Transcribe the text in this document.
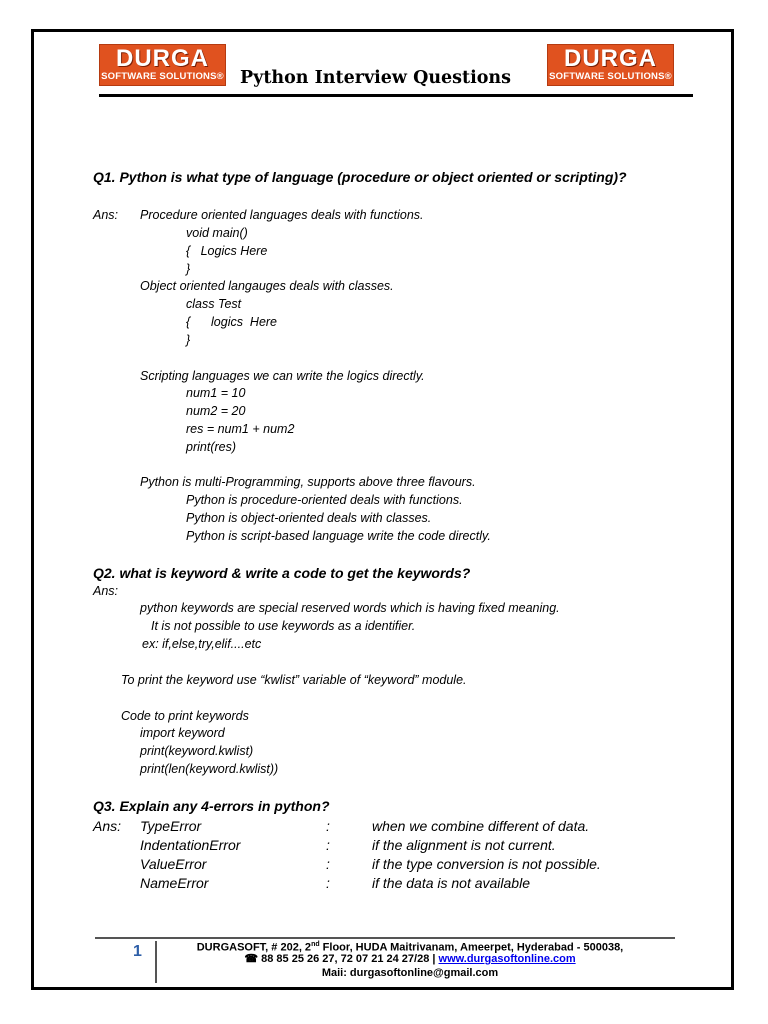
DURGA
SOFTWARE SOLUTIONS®
DURGA
SOFTWARE SOLUTIONS®
Python Interview Questions
Q1. Python is what type of language (procedure or object oriented or scripting)?
Ans: Procedure oriented languages deals with functions.
void main()
{   Logics Here
}
Object oriented langauges deals with classes.
class Test
{      logics  Here
}
Scripting languages we can write the logics directly.
num1 = 10
num2 = 20
res = num1 + num2
print(res)
Python is multi-Programming, supports above three flavours.
Python is procedure-oriented deals with functions.
Python is object-oriented deals with classes.
Python is script-based language write the code directly.
Q2. what is keyword & write a code to get the keywords?
Ans:
python keywords are special reserved words which is having fixed meaning.
It is not possible to use keywords as a identifier.
ex: if,else,try,elif....etc
To print the keyword use “kwlist” variable of “keyword” module.
Code to print keywords
import keyword
print(keyword.kwlist)
print(len(keyword.kwlist))
Q3. Explain any 4-errors in python?
Ans: TypeError	:	when we combine different of data.
IndentationError	:	if the alignment is not current.
ValueError	:	if the type conversion is not possible.
NameError	:	if the data is not available
1	DURGASOFT, # 202, 2nd Floor, HUDA Maitrivanam, Ameerpet, Hyderabad - 500038,
☎ 88 85 25 26 27, 72 07 21 24 27/28 | www.durgasoftonline.com
Maii: durgasoftonline@gmail.com
